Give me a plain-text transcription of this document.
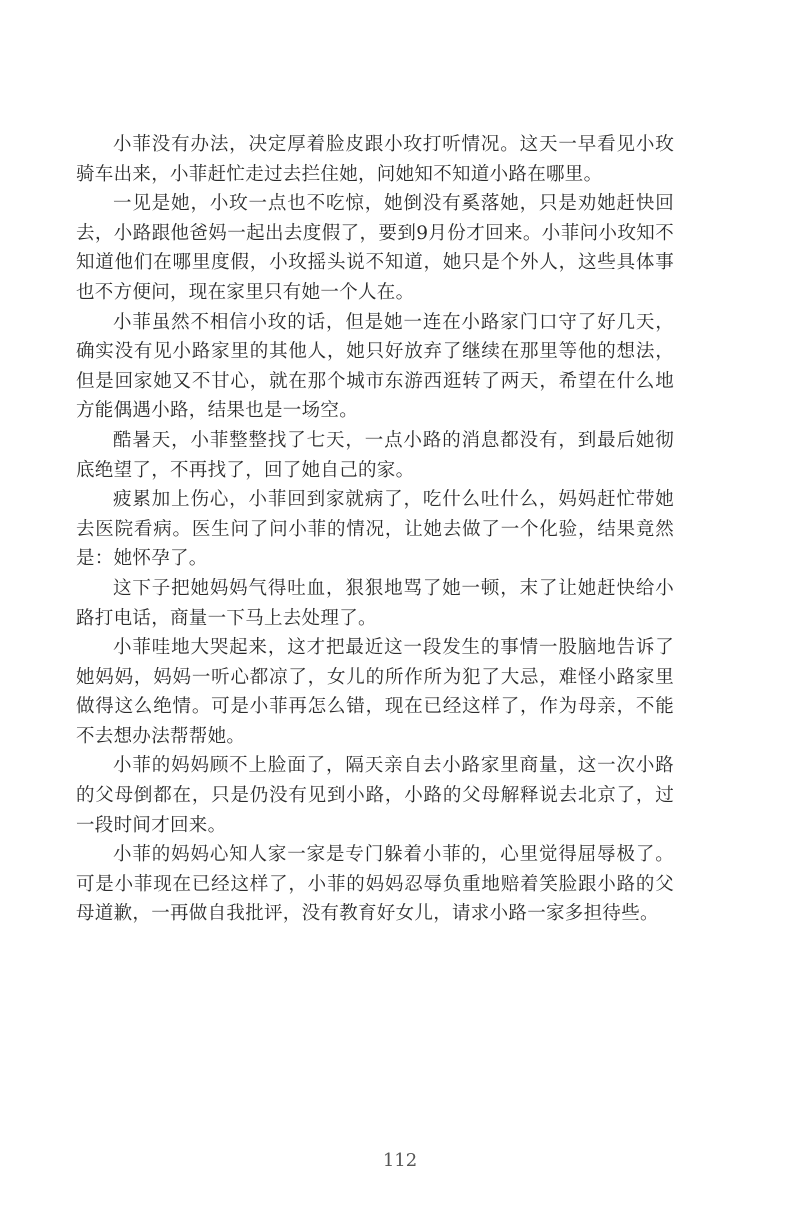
小菲没有办法，决定厚着脸皮跟小玫打听情况。这天一早看见小玫骑车出来，小菲赶忙走过去拦住她，问她知不知道小路在哪里。

一见是她，小玫一点也不吃惊，她倒没有奚落她，只是劝她赶快回去，小路跟他爸妈一起出去度假了，要到9月份才回来。小菲问小玫知不知道他们在哪里度假，小玫摇头说不知道，她只是个外人，这些具体事也不方便问，现在家里只有她一个人在。

小菲虽然不相信小玫的话，但是她一连在小路家门口守了好几天，确实没有见小路家里的其他人，她只好放弃了继续在那里等他的想法，但是回家她又不甘心，就在那个城市东游西逛转了两天，希望在什么地方能偶遇小路，结果也是一场空。

酷暑天，小菲整整找了七天，一点小路的消息都没有，到最后她彻底绝望了，不再找了，回了她自己的家。

疲累加上伤心，小菲回到家就病了，吃什么吐什么，妈妈赶忙带她去医院看病。医生问了问小菲的情况，让她去做了一个化验，结果竟然是：她怀孕了。

这下子把她妈妈气得吐血，狠狠地骂了她一顿，末了让她赶快给小路打电话，商量一下马上去处理了。

小菲哇地大哭起来，这才把最近这一段发生的事情一股脑地告诉了她妈妈，妈妈一听心都凉了，女儿的所作所为犯了大忌，难怪小路家里做得这么绝情。可是小菲再怎么错，现在已经这样了，作为母亲，不能不去想办法帮帮她。

小菲的妈妈顾不上脸面了，隔天亲自去小路家里商量，这一次小路的父母倒都在，只是仍没有见到小路，小路的父母解释说去北京了，过一段时间才回来。

小菲的妈妈心知人家一家是专门躲着小菲的，心里觉得屈辱极了。可是小菲现在已经这样了，小菲的妈妈忍辱负重地赔着笑脸跟小路的父母道歉，一再做自我批评，没有教育好女儿，请求小路一家多担待些。

112
